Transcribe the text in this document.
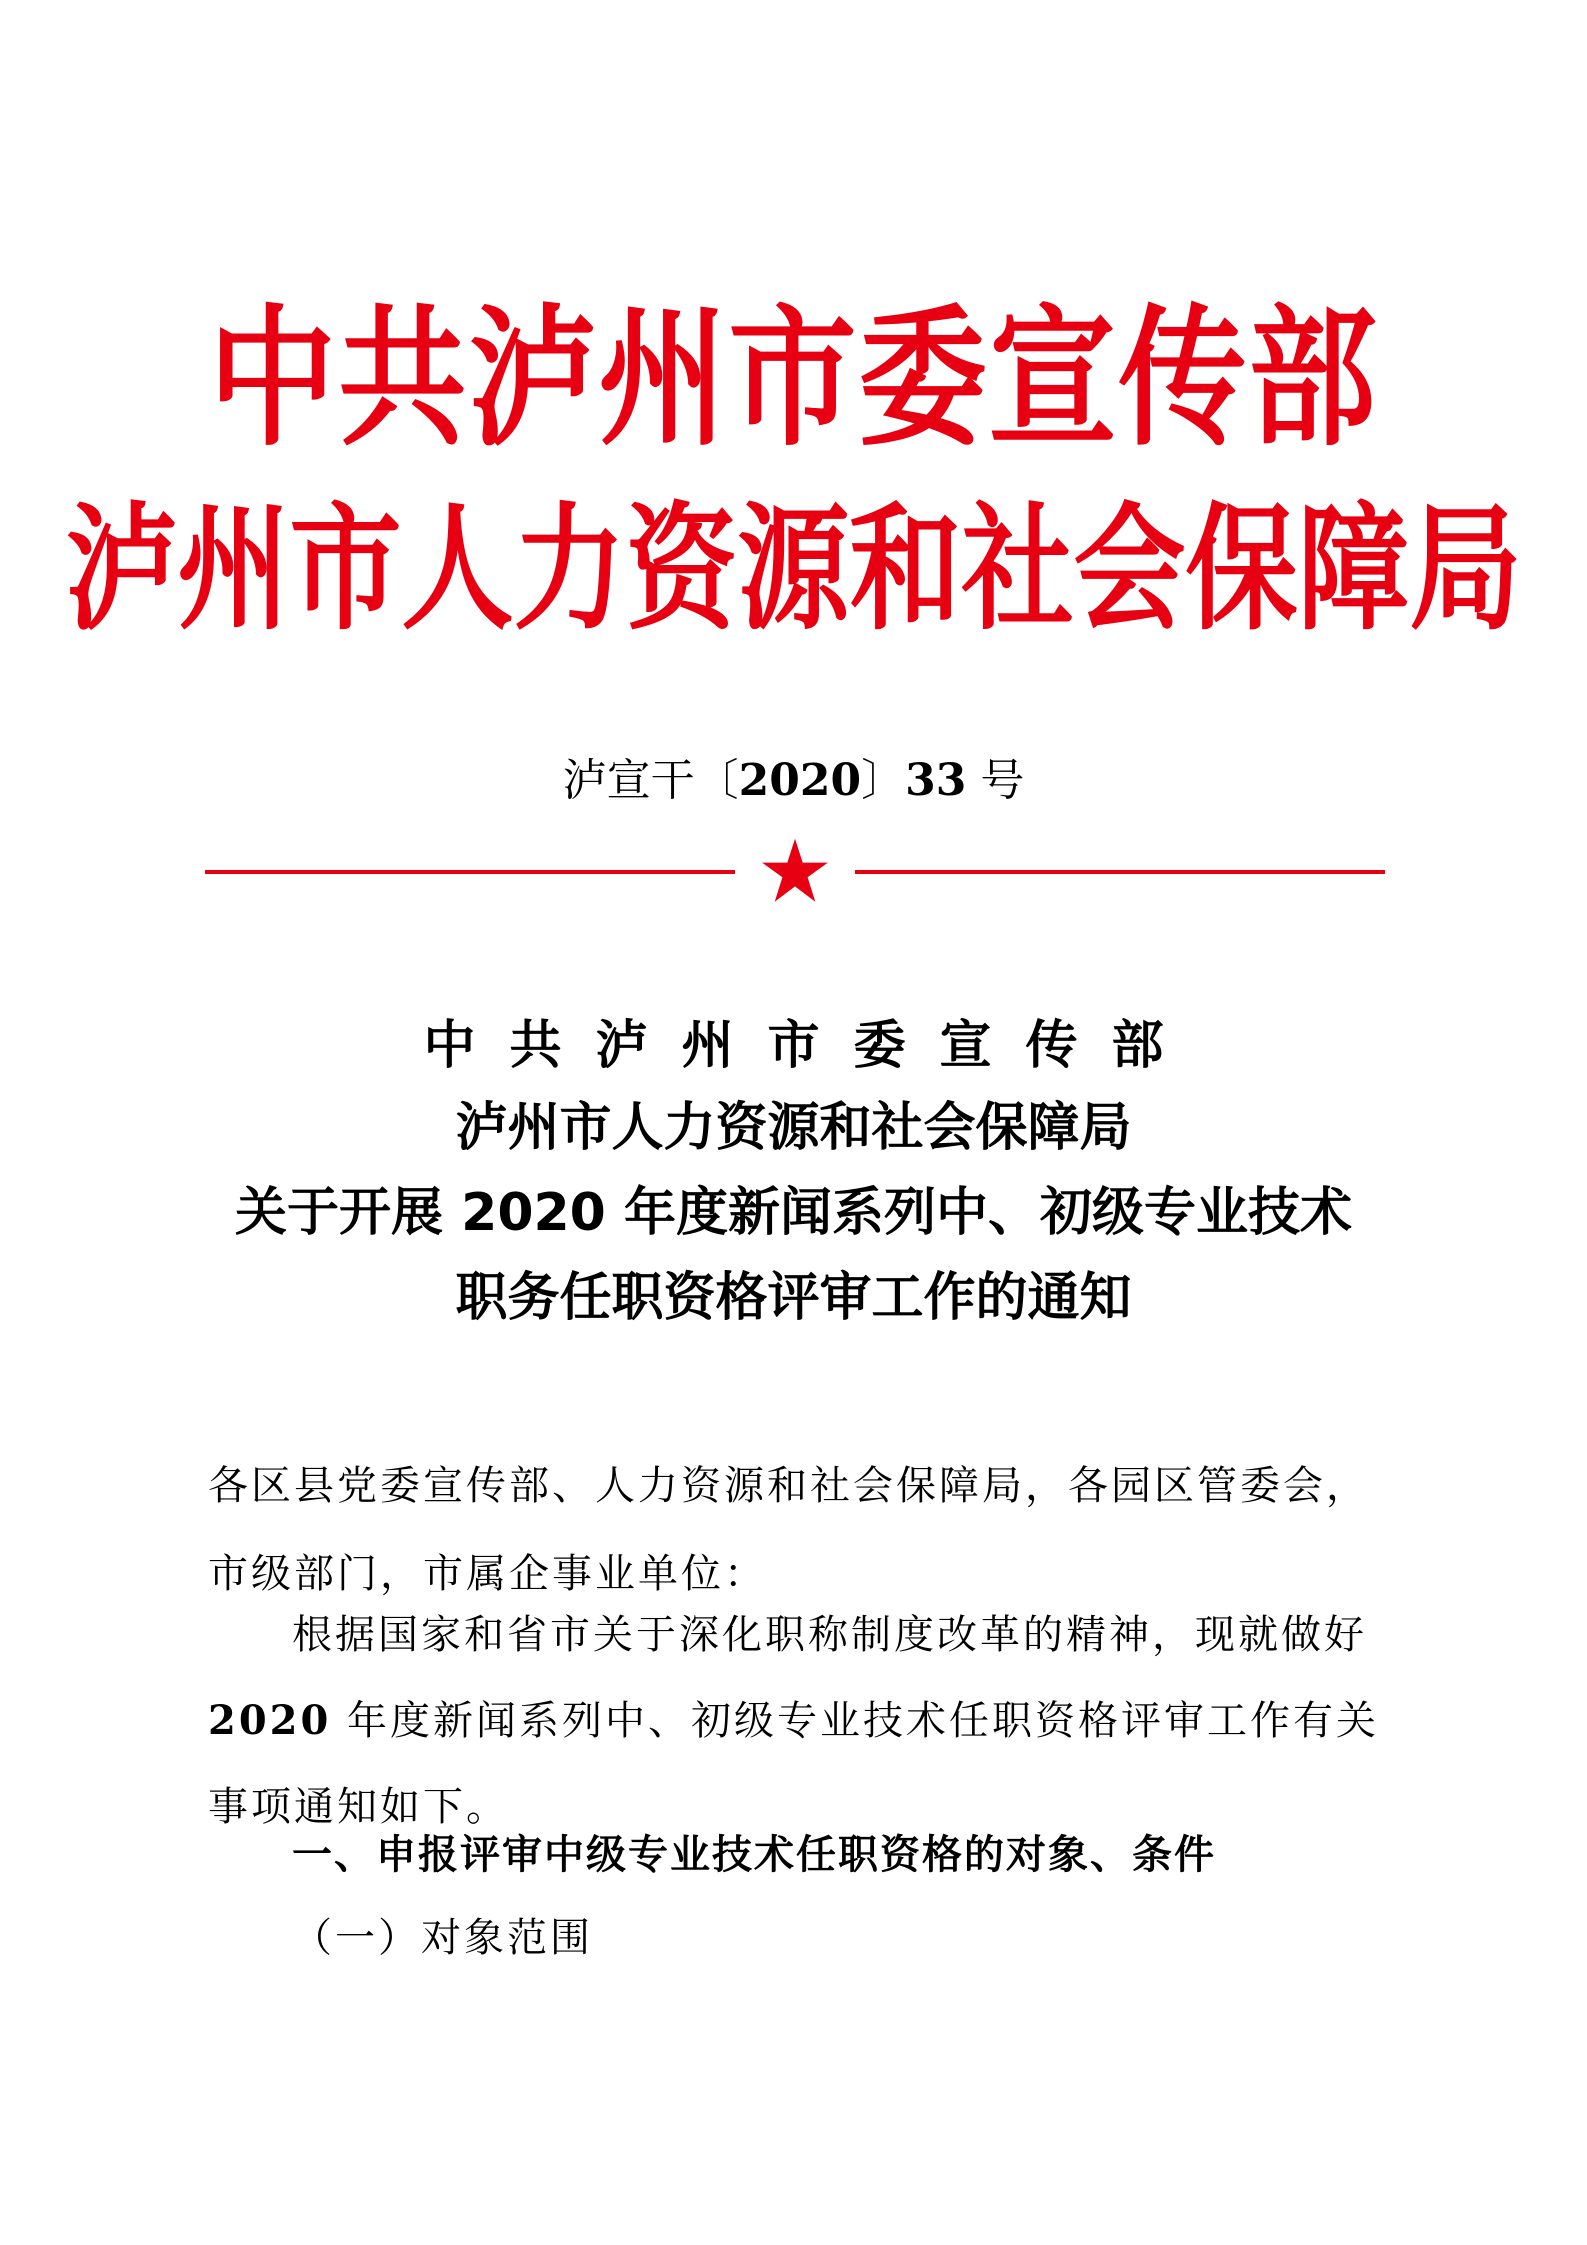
中共泸州市委宣传部
泸州市人力资源和社会保障局
泸宣干〔2020〕33 号
中共泸州市委宣传部
泸州市人力资源和社会保障局
关于开展 2020 年度新闻系列中、初级专业技术
职务任职资格评审工作的通知
各区县党委宣传部、人力资源和社会保障局，各园区管委会，市级部门，市属企事业单位：
根据国家和省市关于深化职称制度改革的精神，现就做好2020 年度新闻系列中、初级专业技术任职资格评审工作有关事项通知如下。
一、申报评审中级专业技术任职资格的对象、条件
（一）对象范围
